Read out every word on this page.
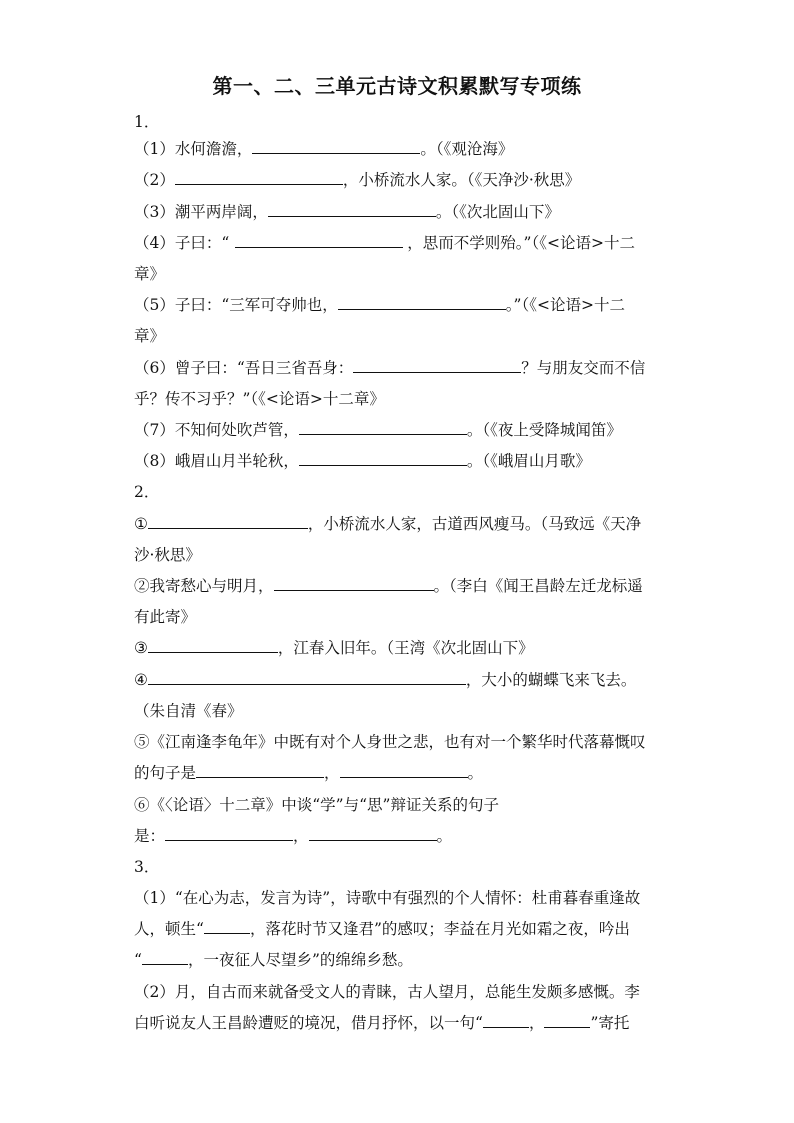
第一、二、三单元古诗文积累默写专项练
1．
（1）水何澹澹，	。（《观沧海》
（2）	，小桥流水人家。（《天净沙·秋思》
（3）潮平两岸阔，	。（《次北固山下》
（4）子曰：“	，思而不学则殆。”（《<论语>十二
章》
（5）子曰：“三军可夺帅也，	。”（《<论语>十二
章》
（6）曾子曰：“吾日三省吾身：	？与朋友交而不信
乎？传不习乎？”（《<论语>十二章》
（7）不知何处吹芦管，	。（《夜上受降城闻笛》
（8）峨眉山月半轮秋，	。（《峨眉山月歌》
2．
①	，小桥流水人家，古道西风瘦马。（马致远《天净
沙·秋思》
②我寄愁心与明月，	。（李白《闻王昌龄左迁龙标遥
有此寄》
③	，江春入旧年。（王湾《次北固山下》
④	，大小的蝴蝶飞来飞去。
（朱自清《春》
⑤《江南逢李龟年》中既有对个人身世之悲，也有对一个繁华时代落幕慨叹
的句子是	，	。
⑥《〈论语〉十二章》中谈“学”与“思”辩证关系的句子
是：	，	。
3．
（1）“在心为志，发言为诗”，诗歌中有强烈的个人情怀：杜甫暮春重逢故
人，顿生“	，落花时节又逢君”的感叹；李益在月光如霜之夜，吟出
“	，一夜征人尽望乡”的绵绵乡愁。
（2）月，自古而来就备受文人的青睐，古人望月，总能生发颇多感慨。李
白听说友人王昌龄遭贬的境况，借月抒怀，以一句“	，	”寄托
